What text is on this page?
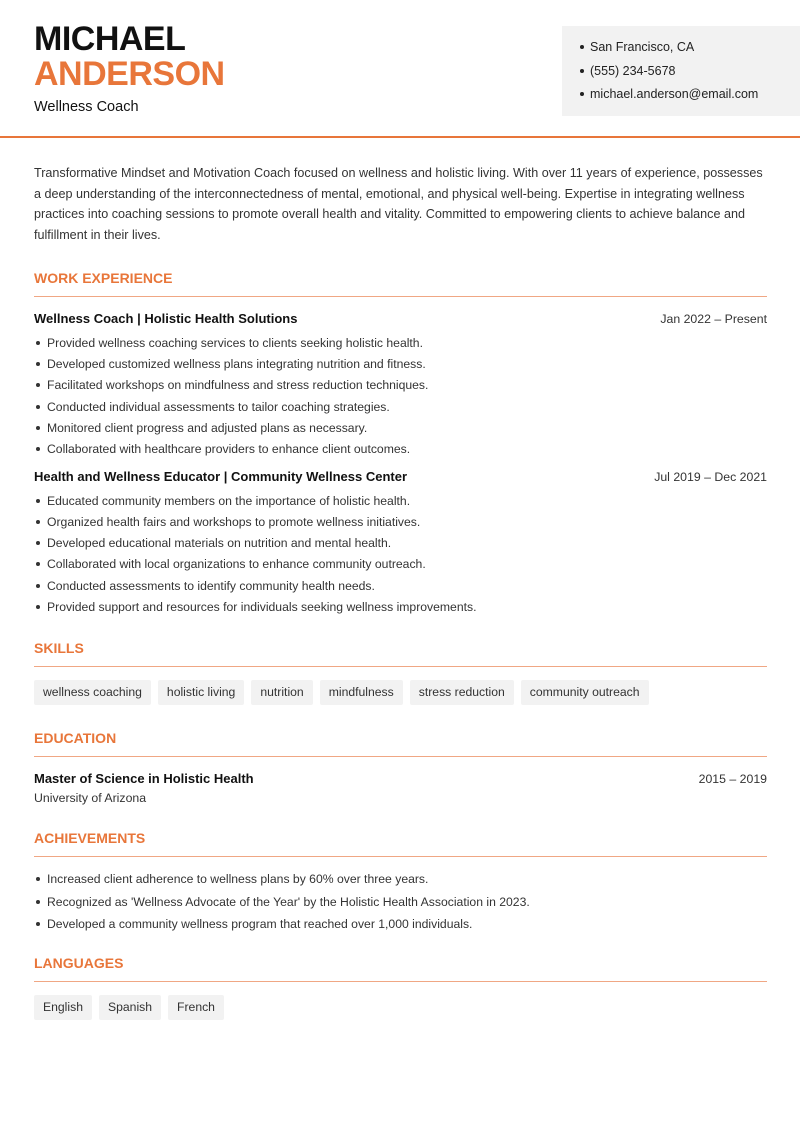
MICHAEL
ANDERSON
Wellness Coach
San Francisco, CA
(555) 234-5678
michael.anderson@email.com

Transformative Mindset and Motivation Coach focused on wellness and holistic living. With over 11 years of experience, possesses a deep understanding of the interconnectedness of mental, emotional, and physical well-being. Expertise in integrating wellness practices into coaching sessions to promote overall health and vitality. Committed to empowering clients to achieve balance and fulfillment in their lives.

WORK EXPERIENCE
Wellness Coach | Holistic Health Solutions	Jan 2022 – Present
Provided wellness coaching services to clients seeking holistic health.
Developed customized wellness plans integrating nutrition and fitness.
Facilitated workshops on mindfulness and stress reduction techniques.
Conducted individual assessments to tailor coaching strategies.
Monitored client progress and adjusted plans as necessary.
Collaborated with healthcare providers to enhance client outcomes.
Health and Wellness Educator | Community Wellness Center	Jul 2019 – Dec 2021
Educated community members on the importance of holistic health.
Organized health fairs and workshops to promote wellness initiatives.
Developed educational materials on nutrition and mental health.
Collaborated with local organizations to enhance community outreach.
Conducted assessments to identify community health needs.
Provided support and resources for individuals seeking wellness improvements.
SKILLS
wellness coaching	holistic living	nutrition	mindfulness	stress reduction	community outreach
EDUCATION
Master of Science in Holistic Health	2015 – 2019
University of Arizona
ACHIEVEMENTS
Increased client adherence to wellness plans by 60% over three years.
Recognized as 'Wellness Advocate of the Year' by the Holistic Health Association in 2023.
Developed a community wellness program that reached over 1,000 individuals.
LANGUAGES
English	Spanish	French
